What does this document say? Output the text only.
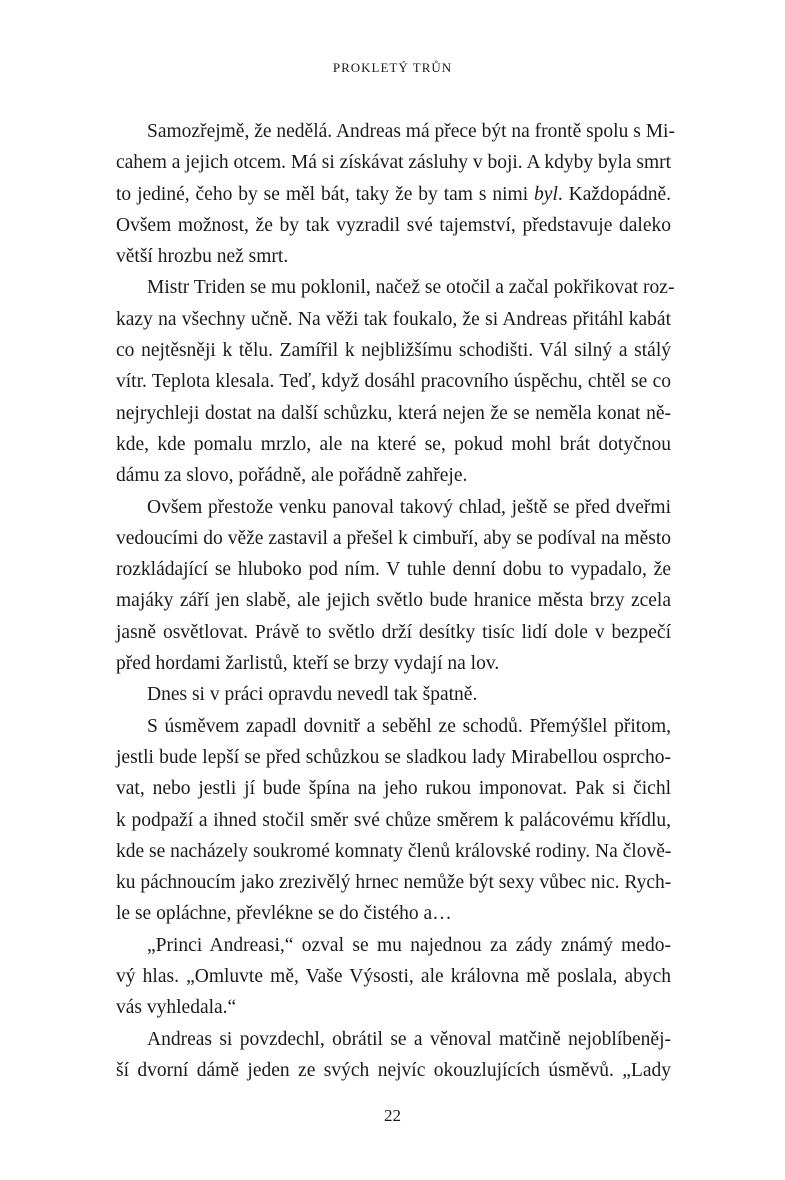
PROKLETÝ TRŮN
Samozřejmě, že nedělá. Andreas má přece být na frontě spolu s Mi-
cahem a jejich otcem. Má si získávat zásluhy v boji. A kdyby byla smrt
to jediné, čeho by se měl bát, taky že by tam s nimi byl. Každopádně.
Ovšem možnost, že by tak vyzradil své tajemství, představuje daleko
větší hrozbu než smrt.
Mistr Triden se mu poklonil, načež se otočil a začal pokřikovat roz-
kazy na všechny učně. Na věži tak foukalo, že si Andreas přitáhl kabát
co nejtěsněji k tělu. Zamířil k nejbližšímu schodišti. Vál silný a stálý
vítr. Teplota klesala. Teď, když dosáhl pracovního úspěchu, chtěl se co
nejrychleji dostat na další schůzku, která nejen že se neměla konat ně-
kde, kde pomalu mrzlo, ale na které se, pokud mohl brát dotyčnou
dámu za slovo, pořádně, ale pořádně zahřeje.
Ovšem přestože venku panoval takový chlad, ještě se před dveřmi
vedoucími do věže zastavil a přešel k cimbuří, aby se podíval na město
rozkládající se hluboko pod ním. V tuhle denní dobu to vypadalo, že
majáky září jen slabě, ale jejich světlo bude hranice města brzy zcela
jasně osvětlovat. Právě to světlo drží desítky tisíc lidí dole v bezpečí
před hordami žarlistů, kteří se brzy vydají na lov.
Dnes si v práci opravdu nevedl tak špatně.
S úsměvem zapadl dovnitř a seběhl ze schodů. Přemýšlel přitom,
jestli bude lepší se před schůzkou se sladkou lady Mirabellou osprcho-
vat, nebo jestli jí bude špína na jeho rukou imponovat. Pak si čichl
k podpaží a ihned stočil směr své chůze směrem k palácovému křídlu,
kde se nacházely soukromé komnaty členů královské rodiny. Na člově-
ku páchnoucím jako zrezivělý hrnec nemůže být sexy vůbec nic. Rych-
le se opláchne, převlékne se do čistého a…
„Princi Andreasi,“ ozval se mu najednou za zády známý medo-
vý hlas. „Omluvte mě, Vaše Výsosti, ale královna mě poslala, abych
vás vyhledala.“
Andreas si povzdechl, obrátil se a věnoval matčině nejoblíbeněj-
ší dvorní dámě jeden ze svých nejvíc okouzlujících úsměvů. „Lady
22
